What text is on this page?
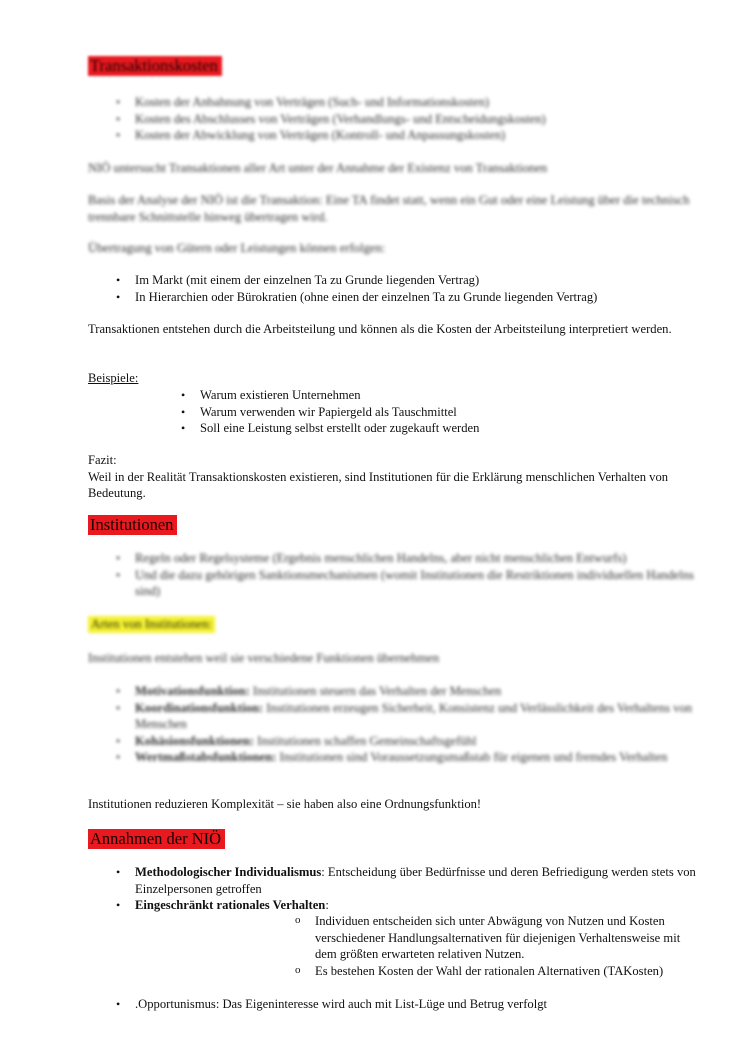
Transaktionskosten
• Kosten der Anbahnung von Verträgen (Such- und Informationskosten)
• Kosten des Abschlusses von Verträgen (Verhandlungs- und Entscheidungskosten)
• Kosten der Abwicklung von Verträgen (Kontroll- und Anpassungskosten)

NIÖ untersucht Transaktionen aller Art unter der Annahme der Existenz von Transaktionen

Basis der Analyse der NIÖ ist die Transaktion: Eine TA findet statt, wenn ein Gut oder eine Leistung über die technisch trennbare Schnittstelle hinweg übertragen wird.

Übertragung von Gütern oder Leistungen können erfolgen:

• Im Markt (mit einem der einzelnen Ta zu Grunde liegenden Vertrag)
• In Hierarchien oder Bürokratien (ohne einen der einzelnen Ta zu Grunde liegenden Vertrag)

Transaktionen entstehen durch die Arbeitsteilung und können als die Kosten der Arbeitsteilung interpretiert werden.

Beispiele:
• Warum existieren Unternehmen
• Warum verwenden wir Papiergeld als Tauschmittel
• Soll eine Leistung selbst erstellt oder zugekauft werden

Fazit:

Weil in der Realität Transaktionskosten existieren, sind Institutionen für die Erklärung menschlichen Verhalten von Bedeutung.

Institutionen
• Regeln oder Regelsysteme (Ergebnis menschlichen Handelns, aber nicht menschlichen Entwurfs)
• Und die dazu gehörigen Sanktionsmechanismen (womit Institutionen die Restriktionen individuellen Handelns sind)
Arten von Institutionen:

Institutionen entstehen weil sie verschiedene Funktionen übernehmen

• Motivationsfunktion: Institutionen steuern das Verhalten der Menschen
• Koordinationsfunktion: Institutionen erzeugen Sicherheit, Konsistenz und Verlässlichkeit des Verhaltens von Menschen
• Kohäsionsfunktionen: Institutionen schaffen Gemeinschaftsgefühl
• Wertmaßstabsfunktionen: Institutionen sind Voraussetzungsmaßstab für eigenen und fremdes Verhalten

Institutionen reduzieren Komplexität – sie haben also eine Ordnungsfunktion!

Annahmen der NIÖ
• Methodologischer Individualismus: Entscheidung über Bedürfnisse und deren Befriedigung werden stets von Einzelpersonen getroffen
• Eingeschränkt rationales Verhalten:
o Individuen entscheiden sich unter Abwägung von Nutzen und Kosten verschiedener Handlungsalternativen für diejenigen Verhaltensweise mit dem größten erwarteten relativen Nutzen.
o Es bestehen Kosten der Wahl der rationalen Alternativen (TAKosten)
• .Opportunismus: Das Eigeninteresse wird auch mit List-Lüge und Betrug verfolgt
